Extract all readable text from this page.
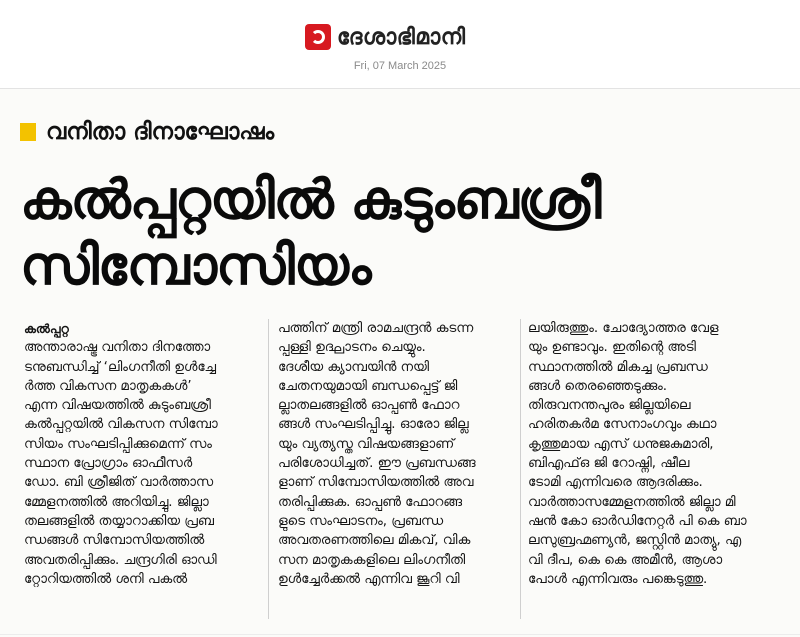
ദേശാഭിമാനി
Fri, 07 March 2025
വനിതാ ദിനാഘോഷം
കൽപ്പറ്റയിൽ കുടുംബശ്രീ
സിമ്പോസിയം
കൽപ്പറ്റ
അന്താരാഷ്ട്ര വനിതാ ദിനത്തോ
ടനുബന്ധിച്ച് ‘ലിംഗനീതി ഉൾച്ചേ
ർത്ത വികസന മാതൃകകൾ’
എന്ന വിഷയത്തിൽ കുടുംബശ്രീ
കൽപ്പറ്റയിൽ വികസന സിമ്പോ
സിയം സംഘടിപ്പിക്കുമെന്ന് സം
സ്ഥാന പ്രോഗ്രാം ഓഫീസർ
ഡോ. ബി ശ്രീജിത് വാർത്താസ
മ്മേളനത്തിൽ അറിയിച്ചു. ജില്ലാ
തലങ്ങളിൽ തയ്യാറാക്കിയ പ്രബ
ന്ധങ്ങൾ സിമ്പോസിയത്തിൽ
അവതരിപ്പിക്കും. ചന്ദ്രഗിരി ഓഡി
റ്റോറിയത്തിൽ ശനി പകൽ
പത്തിന് മന്ത്രി രാമചന്ദ്രൻ കടന്ന
പ്പള്ളി ഉദ്ഘാടനം ചെയ്യും.
ദേശീയ ക്യാമ്പയിൻ നയി
ചേതനയുമായി ബന്ധപ്പെട്ട് ജി
ല്ലാതലങ്ങളിൽ ഓപ്പൺ ഫോറ
ങ്ങൾ സംഘടിപ്പിച്ചു. ഓരോ ജില്ല
യും വ്യത്യസ്ത വിഷയങ്ങളാണ്
പരിശോധിച്ചത്. ഈ പ്രബന്ധങ്ങ
ളാണ് സിമ്പോസിയത്തിൽ അവ
തരിപ്പിക്കുക. ഓപ്പൺ ഫോറങ്ങ
ളുടെ സംഘാടനം, പ്രബന്ധ
അവതരണത്തിലെ മികവ്, വിക
സന മാതൃകകളിലെ ലിംഗനീതി
ഉൾച്ചേർക്കൽ എന്നിവ ജൂറി വി
ലയിരുത്തും. ചോദ്യോത്തര വേള
യും ഉണ്ടാവും. ഇതിന്റെ അടി
സ്ഥാനത്തിൽ മികച്ച പ്രബന്ധ
ങ്ങൾ തെരഞ്ഞെടുക്കും.
തിരുവനന്തപുരം ജില്ലയിലെ
ഹരിതകർമ സേനാംഗവും കഥാ
കൃത്തുമായ എസ് ധനുജകുമാരി,
ബിഎഫ്ഒ ജി റോഷ്നി, ഷീല
ടോമി എന്നിവരെ ആദരിക്കും.
വാർത്താസമ്മേളനത്തിൽ ജില്ലാ മി
ഷൻ കോ ഓർഡിനേറ്റർ പി കെ ബാ
ലസുബ്രഹ്മണ്യൻ, ജസ്റ്റിൻ മാത്യു, എ
വി ദീപ, കെ കെ അമീൻ, ആശാ
പോൾ എന്നിവരും പങ്കെടുത്തു.
